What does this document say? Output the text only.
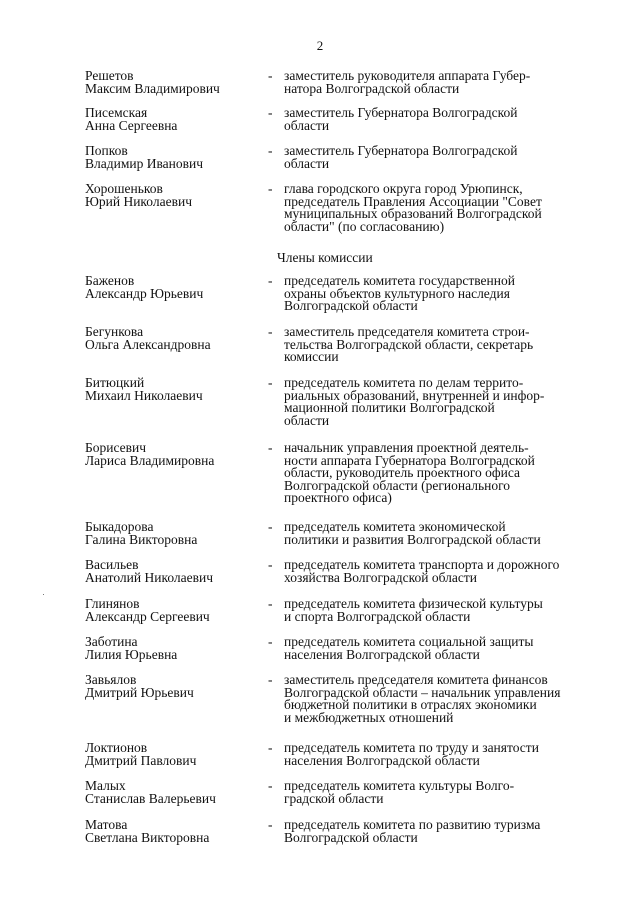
2
Члены комиссии
Решетов
Максим Владимирович
- заместитель руководителя аппарата Губер-
натора Волгоградской области
Писемская
Анна Сергеевна
- заместитель Губернатора Волгоградской
области
Попков
Владимир Иванович
- заместитель Губернатора Волгоградской
области
Хорошеньков
Юрий Николаевич
- глава городского округа город Урюпинск,
председатель Правления Ассоциации "Совет
муниципальных образований Волгоградской
области" (по согласованию)
Баженов
Александр Юрьевич
- председатель комитета государственной
охраны объектов культурного наследия
Волгоградской области
Бегункова
Ольга Александровна
- заместитель председателя комитета строи-
тельства Волгоградской области, секретарь
комиссии
Битюцкий
Михаил Николаевич
- председатель комитета по делам террито-
риальных образований, внутренней и инфор-
мационной политики Волгоградской
области
Борисевич
Лариса Владимировна
- начальник управления проектной деятель-
ности аппарата Губернатора Волгоградской
области, руководитель проектного офиса
Волгоградской области (регионального
проектного офиса)
Быкадорова
Галина Викторовна
- председатель комитета экономической
политики и развития Волгоградской области
Васильев
Анатолий Николаевич
- председатель комитета транспорта и дорожного
хозяйства Волгоградской области
Глинянов
Александр Сергеевич
- председатель комитета физической культуры
и спорта Волгоградской области
Заботина
Лилия Юрьевна
- председатель комитета социальной защиты
населения Волгоградской области
Завьялов
Дмитрий Юрьевич
- заместитель председателя комитета финансов
Волгоградской области – начальник управления
бюджетной политики в отраслях экономики
и межбюджетных отношений
Локтионов
Дмитрий Павлович
- председатель комитета по труду и занятости
населения Волгоградской области
Малых
Станислав Валерьевич
- председатель комитета культуры Волго-
градской области
Матова
Светлана Викторовна
- председатель комитета по развитию туризма
Волгоградской области
